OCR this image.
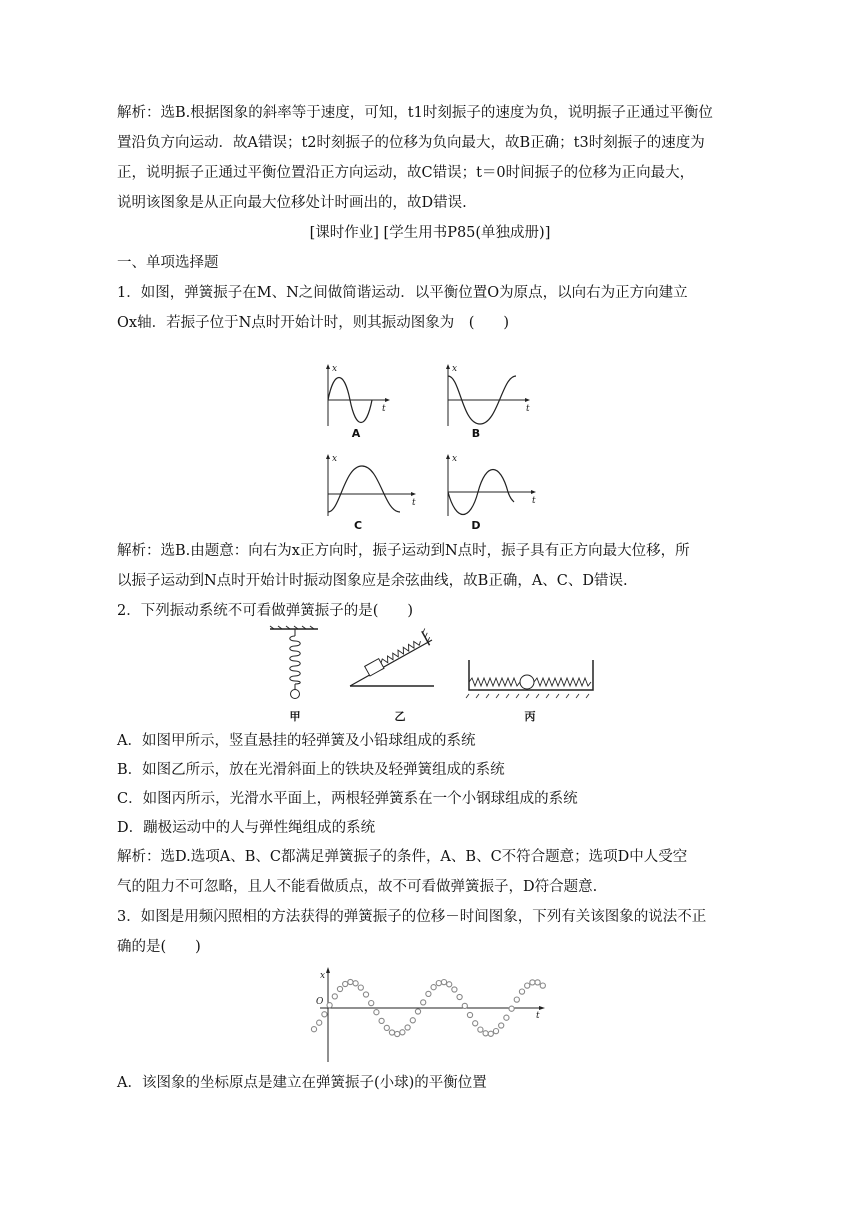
解析：选B.根据图象的斜率等于速度，可知，t1时刻振子的速度为负，说明振子正通过平衡位
置沿负方向运动．故A错误；t2时刻振子的位移为负向最大，故B正确；t3时刻振子的速度为
正，说明振子正通过平衡位置沿正方向运动，故C错误；t＝0时间振子的位移为正向最大，
说明该图象是从正向最大位移处计时画出的，故D错误.
[课时作业] [学生用书P85(单独成册)]
一、单项选择题
1．如图，弹簧振子在M、N之间做简谐运动．以平衡位置O为原点，以向右为正方向建立
Ox轴．若振子位于N点时开始计时，则其振动图象为　(　　)
x
t
A
x
t
B
x
t
C
x
t
D
解析：选B.由题意：向右为x正方向时，振子运动到N点时，振子具有正方向最大位移，所
以振子运动到N点时开始计时振动图象应是余弦曲线，故B正确，A、C、D错误.
2．下列振动系统不可看做弹簧振子的是(　　)
甲	乙	丙
A．如图甲所示，竖直悬挂的轻弹簧及小铅球组成的系统
B．如图乙所示，放在光滑斜面上的铁块及轻弹簧组成的系统
C．如图丙所示，光滑水平面上，两根轻弹簧系在一个小钢球组成的系统
D．蹦极运动中的人与弹性绳组成的系统
解析：选D.选项A、B、C都满足弹簧振子的条件，A、B、C不符合题意；选项D中人受空
气的阻力不可忽略，且人不能看做质点，故不可看做弹簧振子，D符合题意.
3．如图是用频闪照相的方法获得的弹簧振子的位移－时间图象，下列有关该图象的说法不正
确的是(　　)
x
O
t
A．该图象的坐标原点是建立在弹簧振子(小球)的平衡位置
